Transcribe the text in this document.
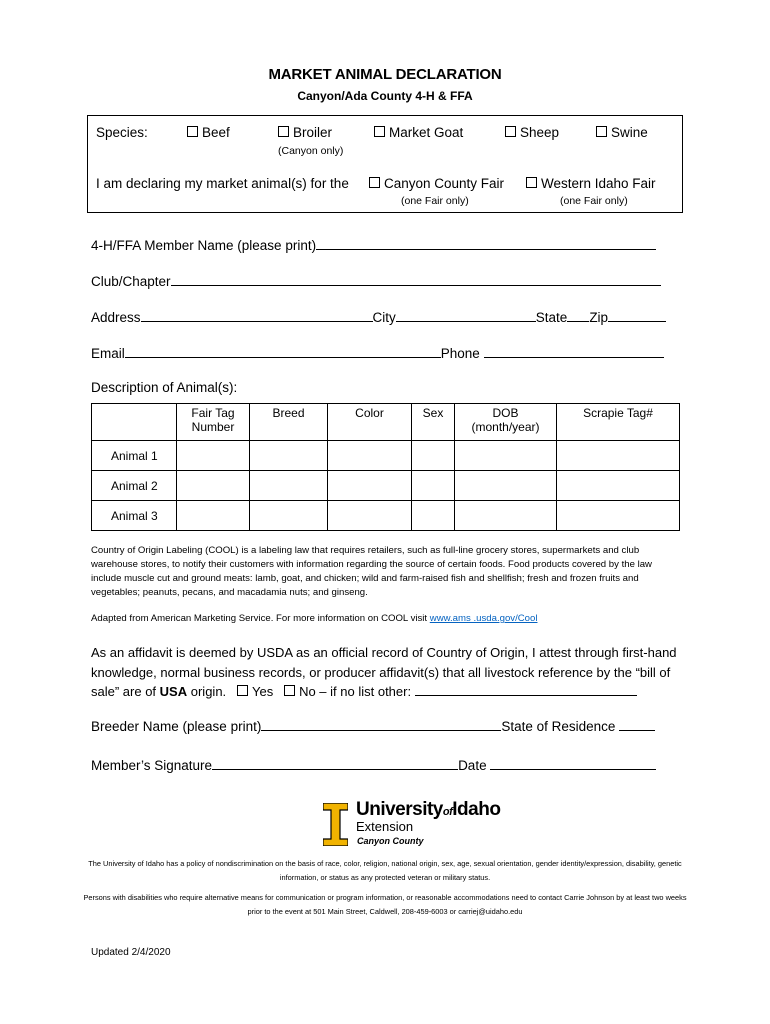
MARKET ANIMAL DECLARATION
Canyon/Ada County 4-H & FFA
Species:	Beef	Broiler
(Canyon only)
Market Goat	Sheep	Swine
I am declaring my market animal(s) for the	Canyon County Fair	Western Idaho Fair
(one Fair only)	(one Fair only)
4-H/FFA Member Name (please print)
Club/Chapter
Address	City	State Zip
Email	Phone
Description of Animal(s):
	Fair Tag Number	Breed	Color	Sex	DOB (month/year)	Scrapie Tag#
Animal 1						
Animal 2						
Animal 3						
Country of Origin Labeling (COOL) is a labeling law that requires retailers, such as full-line grocery stores, supermarkets and club warehouse stores, to notify their customers with information regarding the source of certain foods. Food products covered by the law include muscle cut and ground meats: lamb, goat, and chicken; wild and farm-raised fish and shellfish; fresh and frozen fruits and vegetables; peanuts, pecans, and macadamia nuts; and ginseng.
Adapted from American Marketing Service. For more information on COOL visit www.ams .usda.gov/Cool
As an affidavit is deemed by USDA as an official record of Country of Origin, I attest through first-hand knowledge, normal business records, or producer affidavit(s) that all livestock reference by the “bill of sale” are of USA origin. Yes No – if no list other:
Breeder Name (please print)	State of Residence
Member’s Signature	Date
UniversityofIdaho
Extension
Canyon County
The University of Idaho has a policy of nondiscrimination on the basis of race, color, religion, national origin, sex, age, sexual orientation, gender identity/expression, disability, genetic information, or status as any protected veteran or military status.
Persons with disabilities who require alternative means for communication or program information, or reasonable accommodations need to contact Carrie Johnson by at least two weeks prior to the event at 501 Main Street, Caldwell, 208-459-6003 or carriej@uidaho.edu
Updated 2/4/2020
